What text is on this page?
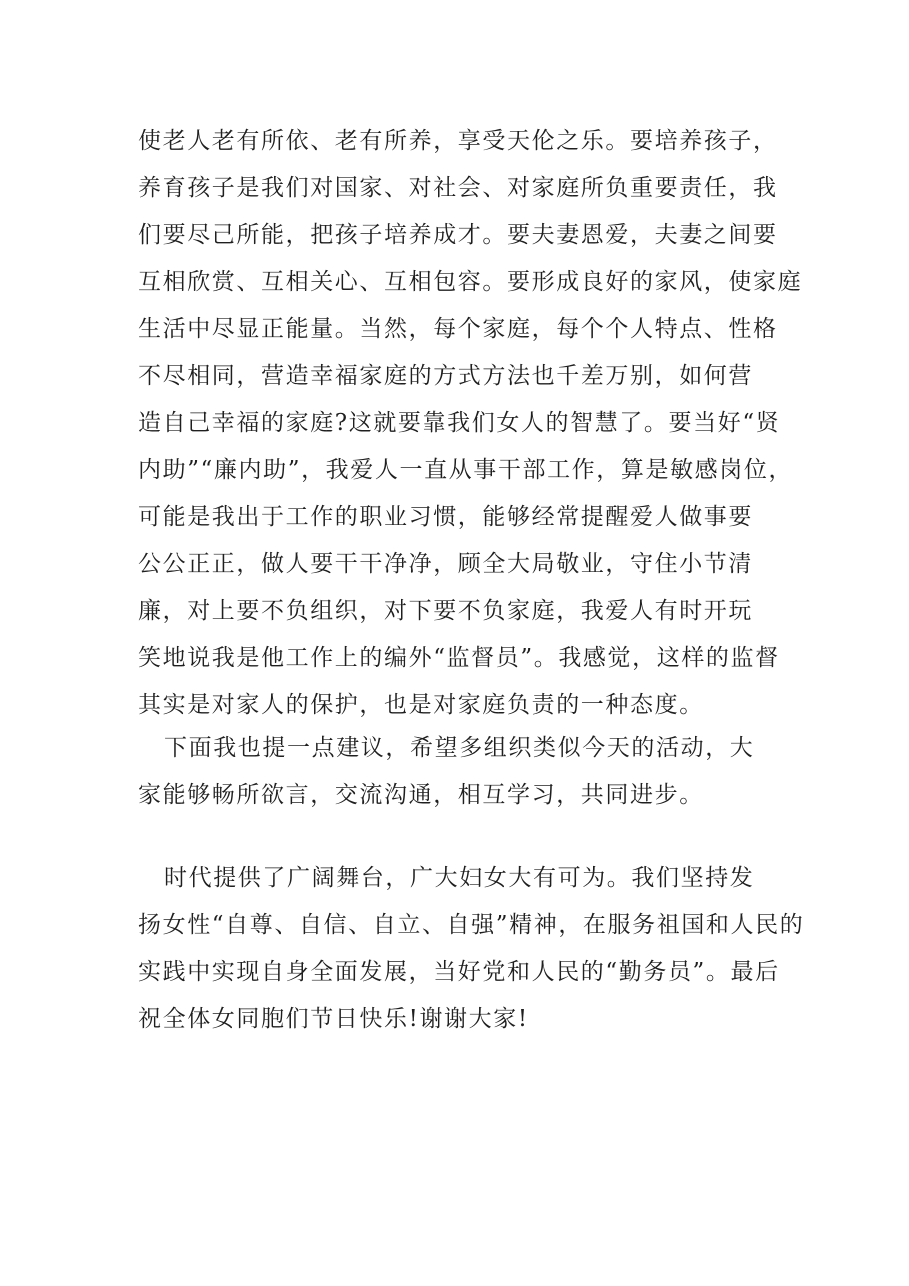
使老人老有所依、老有所养，享受天伦之乐。要培养孩子，
养育孩子是我们对国家、对社会、对家庭所负重要责任，我
们要尽己所能，把孩子培养成才。要夫妻恩爱，夫妻之间要
互相欣赏、互相关心、互相包容。要形成良好的家风，使家庭
生活中尽显正能量。当然，每个家庭，每个个人特点、性格
不尽相同，营造幸福家庭的方式方法也千差万别，如何营
造自己幸福的家庭?这就要靠我们女人的智慧了。要当好“贤
内助”“廉内助”，我爱人一直从事干部工作，算是敏感岗位，
可能是我出于工作的职业习惯，能够经常提醒爱人做事要
公公正正，做人要干干净净，顾全大局敬业，守住小节清
廉，对上要不负组织，对下要不负家庭，我爱人有时开玩
笑地说我是他工作上的编外“监督员”。我感觉，这样的监督
其实是对家人的保护，也是对家庭负责的一种态度。
下面我也提一点建议，希望多组织类似今天的活动，大
家能够畅所欲言，交流沟通，相互学习，共同进步。
时代提供了广阔舞台，广大妇女大有可为。我们坚持发
扬女性“自尊、自信、自立、自强”精神，在服务祖国和人民的
实践中实现自身全面发展，当好党和人民的“勤务员”。最后
祝全体女同胞们节日快乐!谢谢大家!
